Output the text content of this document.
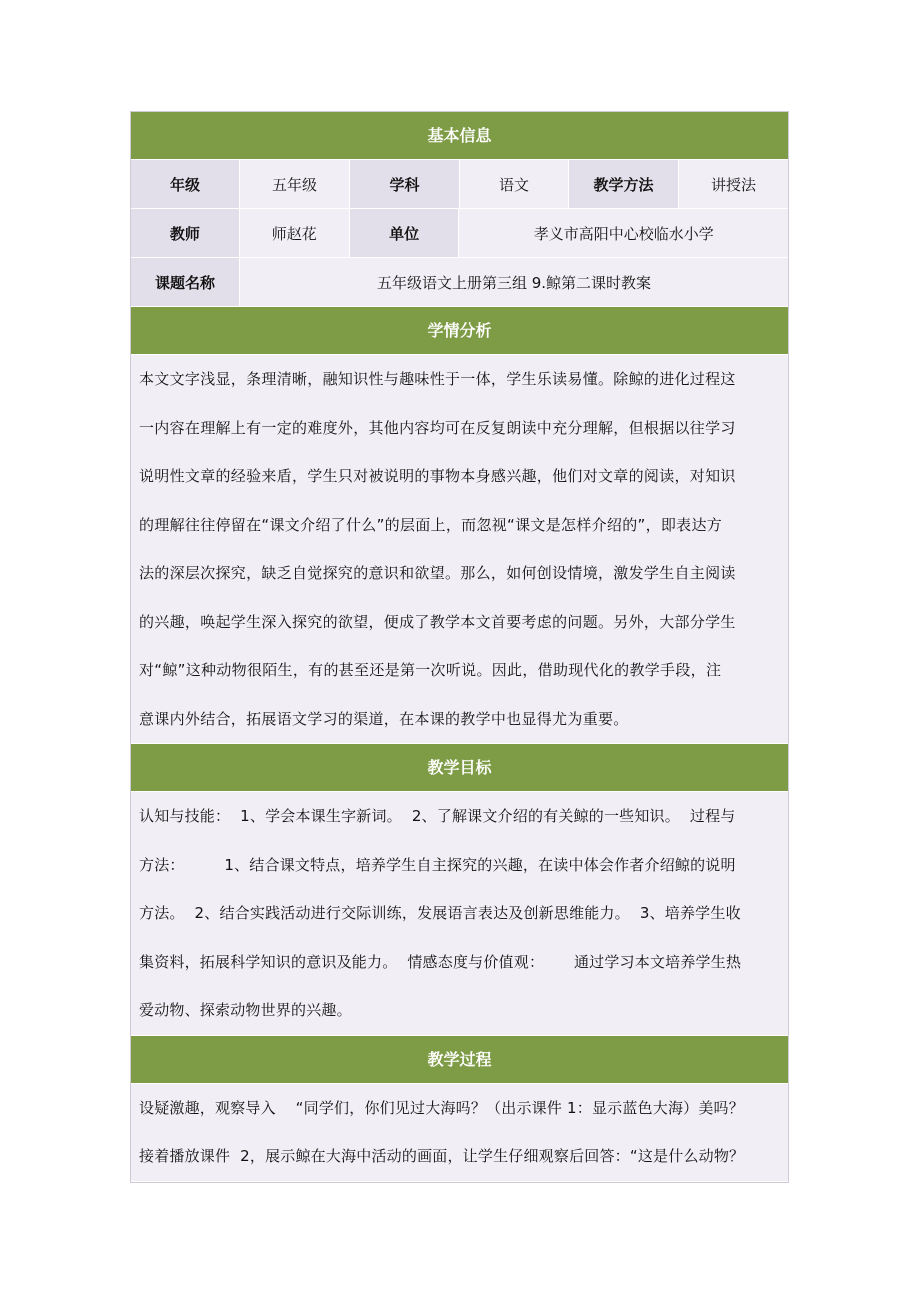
基本信息
年级	五年级	学科	语文	教学方法	讲授法
教师	师赵花	单位	孝义市高阳中心校临水小学
课题名称	五年级语文上册第三组 9.鲸第二课时教案
学情分析
本文文字浅显，条理清晰，融知识性与趣味性于一体，学生乐读易懂。除鲸的进化过程这
一内容在理解上有一定的难度外，其他内容均可在反复朗读中充分理解，但根据以往学习
说明性文章的经验来盾，学生只对被说明的事物本身感兴趣，他们对文章的阅读，对知识
的理解往往停留在“课文介绍了什么”的层面上，而忽视“课文是怎样介绍的”，即表达方
法的深层次探究，缺乏自觉探究的意识和欲望。那么，如何创设情境，激发学生自主阅读
的兴趣，唤起学生深入探究的欲望，便成了教学本文首要考虑的问题。另外，大部分学生
对“鲸”这种动物很陌生，有的甚至还是第一次听说。因此，借助现代化的教学手段，注
意课内外结合，拓展语文学习的渠道，在本课的教学中也显得尤为重要。
教学目标
认知与技能：  1、学会本课生字新词。  2、了解课文介绍的有关鲸的一些知识。  过程与
方法：        1、结合课文特点，培养学生自主探究的兴趣，在读中体会作者介绍鲸的说明
方法。  2、结合实践活动进行交际训练，发展语言表达及创新思维能力。  3、培养学生收
集资料，拓展科学知识的意识及能力。  情感态度与价值观：      通过学习本文培养学生热
爱动物、探索动物世界的兴趣。
教学过程
设疑激趣，观察导入    “同学们，你们见过大海吗？（出示课件 1：显示蓝色大海）美吗？
接着播放课件  2，展示鲸在大海中活动的画面，让学生仔细观察后回答：“这是什么动物？
